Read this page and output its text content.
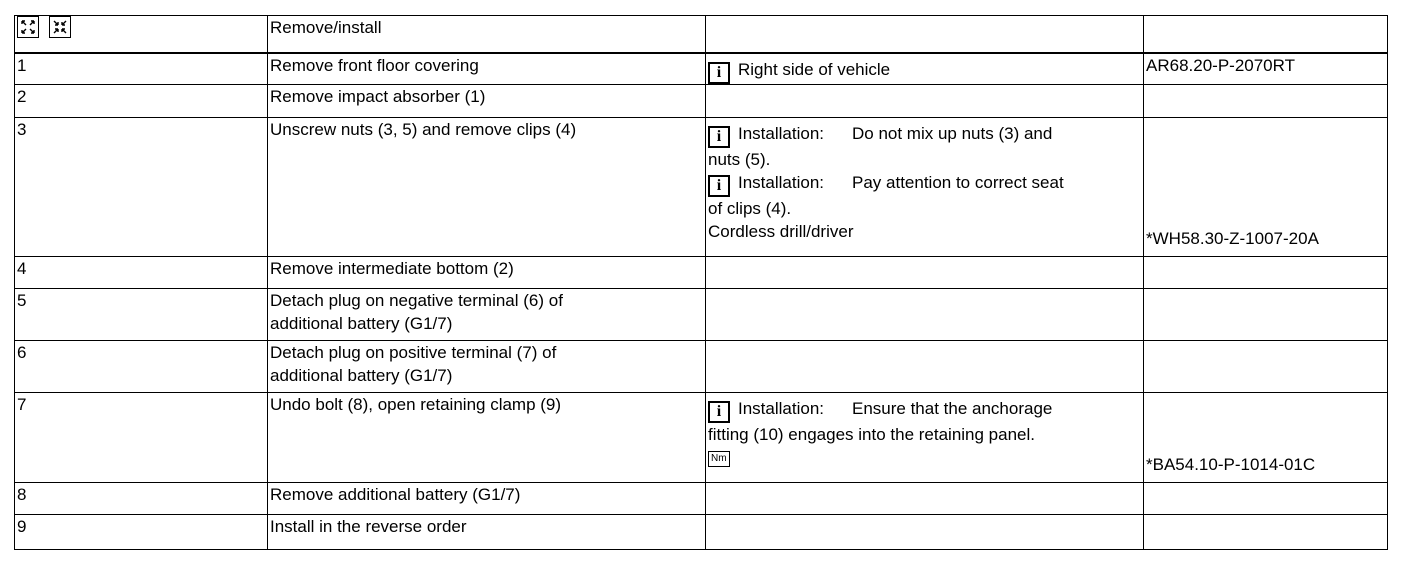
	Remove/install		
1	Remove front floor covering	i Right side of vehicle	AR68.20-P-2070RT
2	Remove impact absorber (1)		
3	Unscrew nuts (3, 5) and remove clips (4)	i Installation: Do not mix up nuts (3) and
nuts (5).
i Installation: Pay attention to correct seat
of clips (4).
Cordless drill/driver	*WH58.30-Z-1007-20A
4	Remove intermediate bottom (2)		
5	Detach plug on negative terminal (6) of
additional battery (G1/7)		
6	Detach plug on positive terminal (7) of
additional battery (G1/7)		
7	Undo bolt (8), open retaining clamp (9)	i Installation: Ensure that the anchorage
fitting (10) engages into the retaining panel.
Nm	*BA54.10-P-1014-01C
8	Remove additional battery (G1/7)		
9	Install in the reverse order		
